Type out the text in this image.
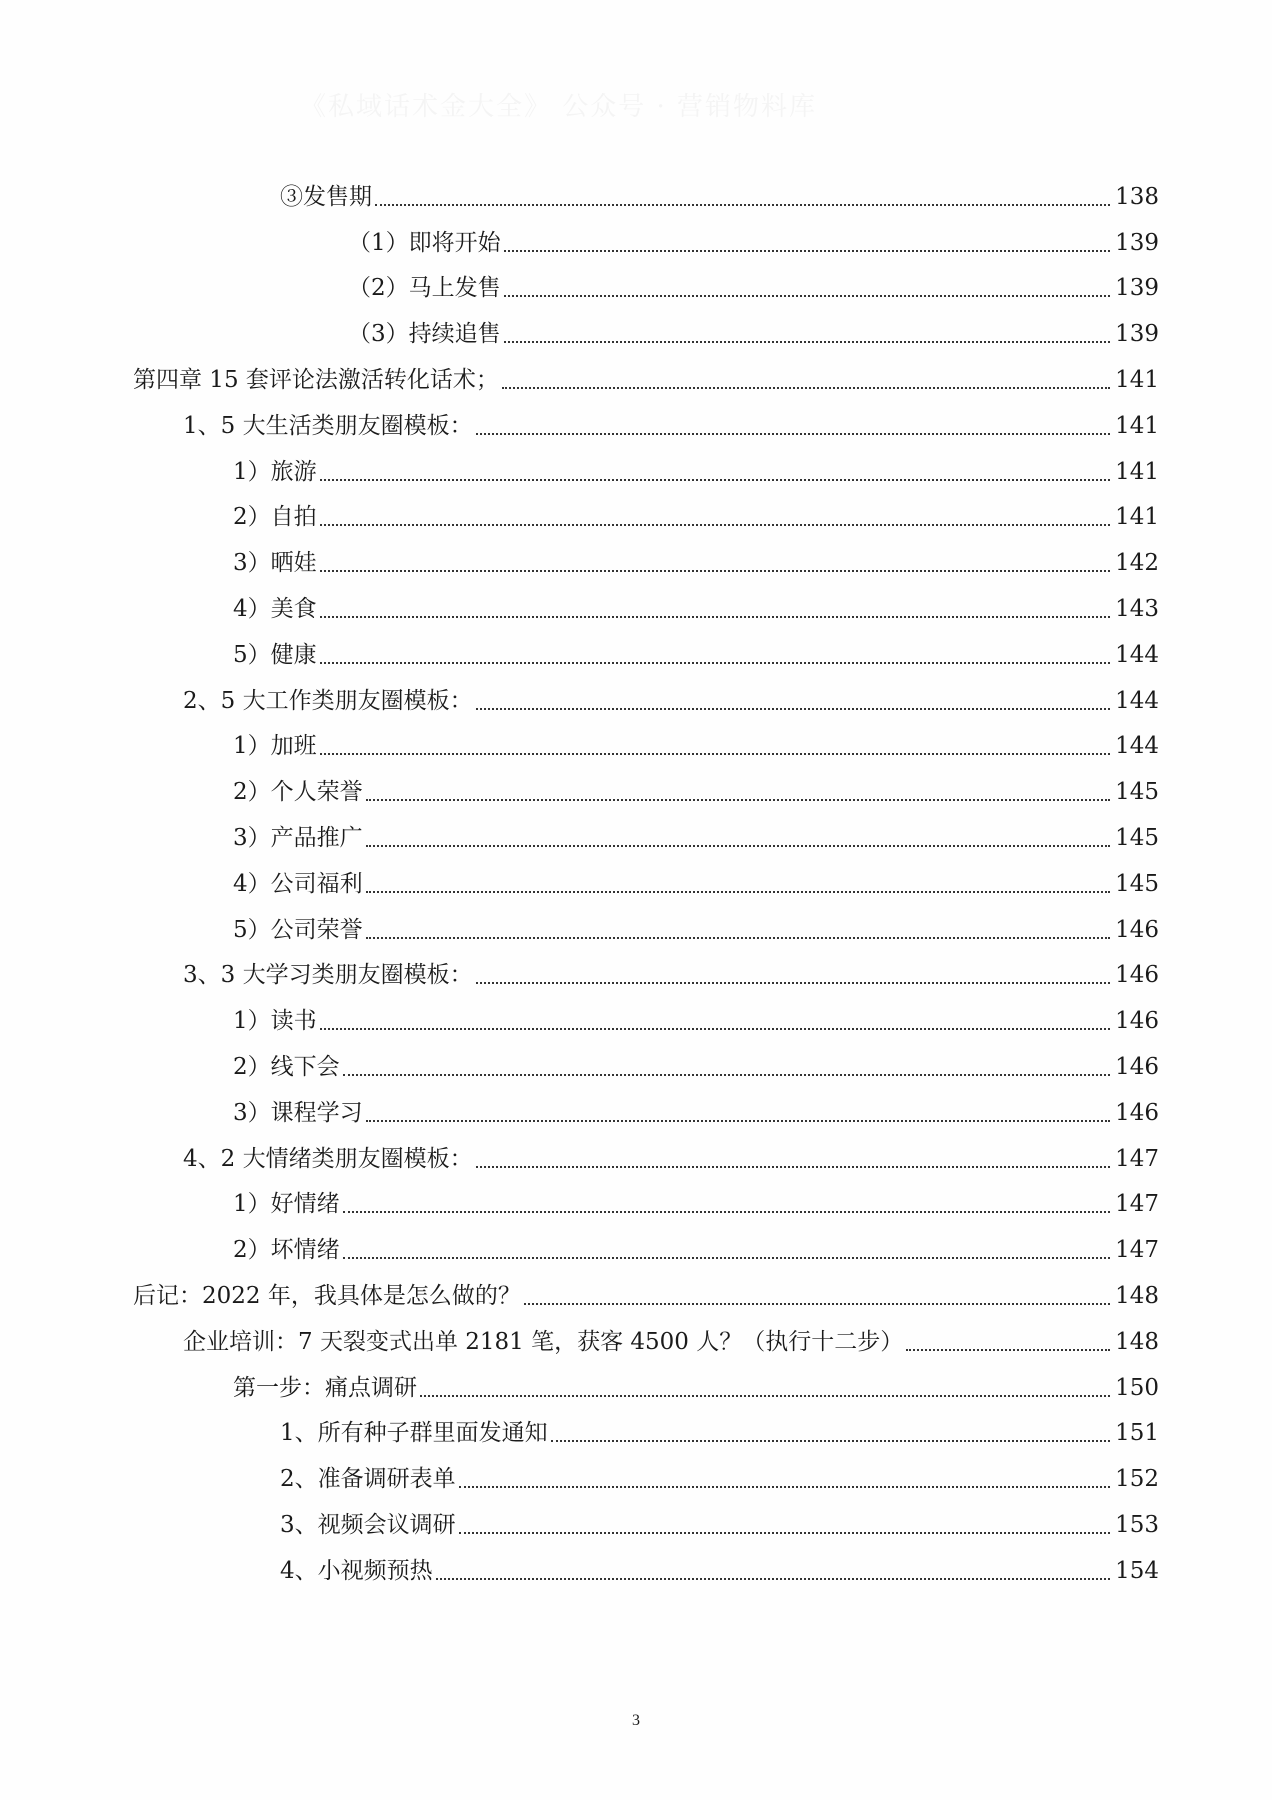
《私域话术金大全》 公众号 · 营销物料库
③发售期	138
（1）即将开始	139
（2）马上发售	139
（3）持续追售	139
第四章 15 套评论法激活转化话术；	141
1、5 大生活类朋友圈模板：	141
1）旅游	141
2）自拍	141
3）晒娃	142
4）美食	143
5）健康	144
2、5 大工作类朋友圈模板：	144
1）加班	144
2）个人荣誉	145
3）产品推广	145
4）公司福利	145
5）公司荣誉	146
3、3 大学习类朋友圈模板：	146
1）读书	146
2）线下会	146
3）课程学习	146
4、2 大情绪类朋友圈模板：	147
1）好情绪	147
2）坏情绪	147
后记：2022 年，我具体是怎么做的？	148
企业培训：7 天裂变式出单 2181 笔，获客 4500 人？（执行十二步）	148
第一步：痛点调研	150
1、所有种子群里面发通知	151
2、准备调研表单	152
3、视频会议调研	153
4、小视频预热	154
3
